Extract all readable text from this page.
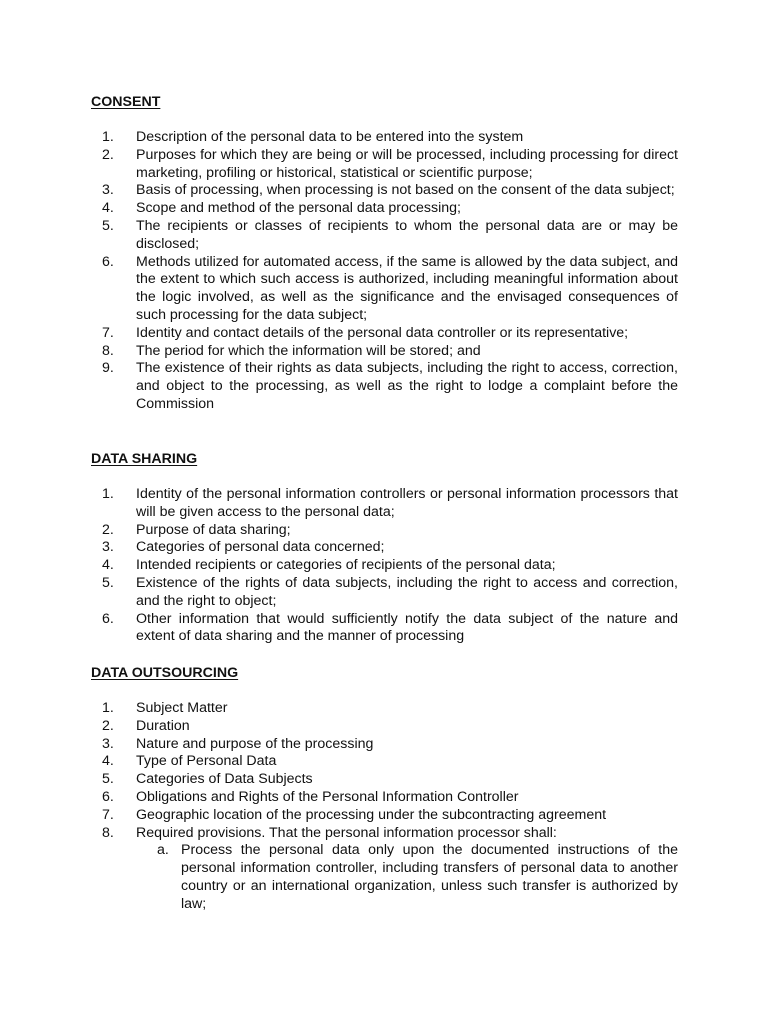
CONSENT
1.	Description of the personal data to be entered into the system
2.	Purposes for which they are being or will be processed, including processing for direct marketing, profiling or historical, statistical or scientific purpose;
3.	Basis of processing, when processing is not based on the consent of the data subject;
4.	Scope and method of the personal data processing;
5.	The recipients or classes of recipients to whom the personal data are or may be disclosed;
6.	Methods utilized for automated access, if the same is allowed by the data subject, and the extent to which such access is authorized, including meaningful information about the logic involved, as well as the significance and the envisaged consequences of such processing for the data subject;
7.	Identity and contact details of the personal data controller or its representative;
8.	The period for which the information will be stored; and
9.	The existence of their rights as data subjects, including the right to access, correction, and object to the processing, as well as the right to lodge a complaint before the Commission
DATA SHARING
1.	Identity of the personal information controllers or personal information processors that will be given access to the personal data;
2.	Purpose of data sharing;
3.	Categories of personal data concerned;
4.	Intended recipients or categories of recipients of the personal data;
5.	Existence of the rights of data subjects, including the right to access and correction, and the right to object;
6.	Other information that would sufficiently notify the data subject of the nature and extent of data sharing and the manner of processing
DATA OUTSOURCING
1.	Subject Matter
2.	Duration
3.	Nature and purpose of the processing
4.	Type of Personal Data
5.	Categories of Data Subjects
6.	Obligations and Rights of the Personal Information Controller
7.	Geographic location of the processing under the subcontracting agreement
8.	Required provisions. That the personal information processor shall:
a. Process the personal data only upon the documented instructions of the personal information controller, including transfers of personal data to another country or an international organization, unless such transfer is authorized by law;
